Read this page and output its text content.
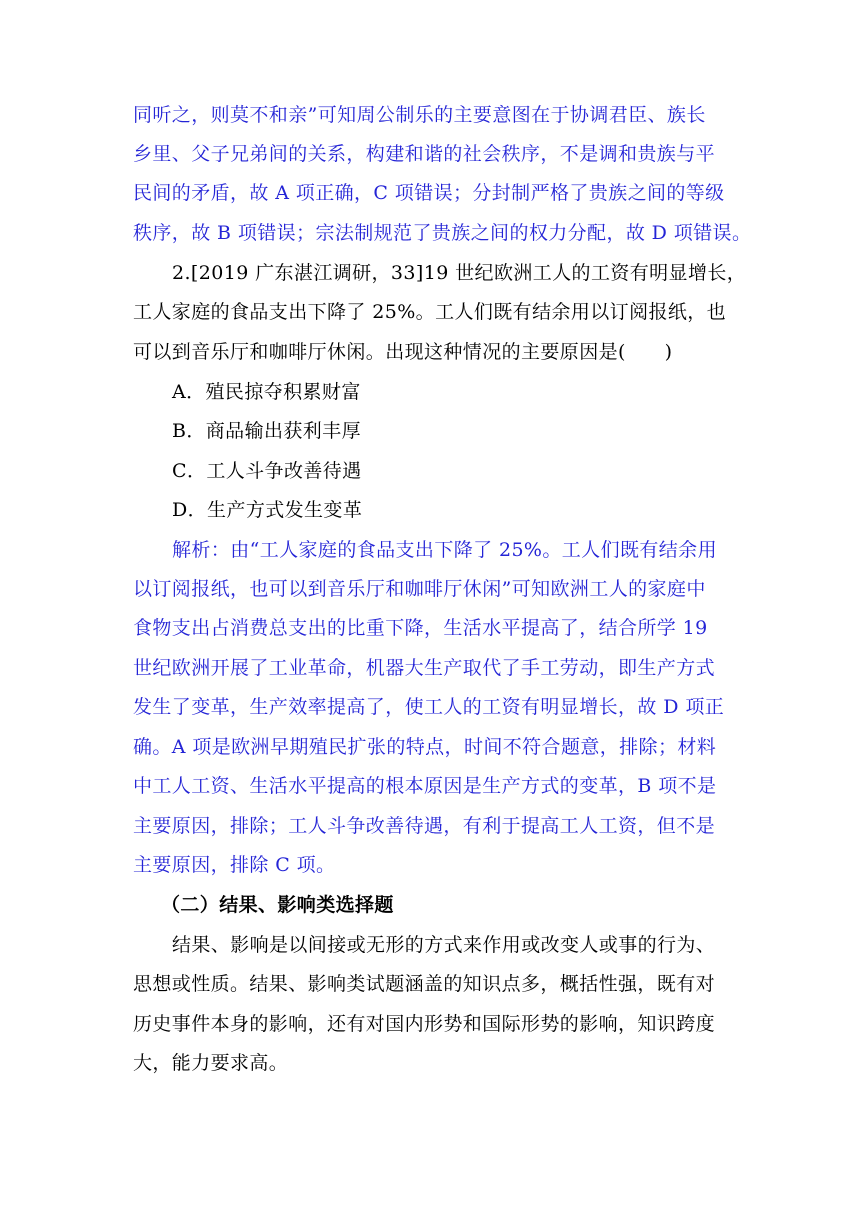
同听之，则莫不和亲”可知周公制乐的主要意图在于协调君臣、族长
乡里、父子兄弟间的关系，构建和谐的社会秩序，不是调和贵族与平
民间的矛盾，故 A 项正确，C 项错误；分封制严格了贵族之间的等级
秩序，故 B 项错误；宗法制规范了贵族之间的权力分配，故 D 项错误。
2.[2019 广东湛江调研，33]19 世纪欧洲工人的工资有明显增长，
工人家庭的食品支出下降了 25%。工人们既有结余用以订阅报纸，也
可以到音乐厅和咖啡厅休闲。出现这种情况的主要原因是(　　)
A．殖民掠夺积累财富
B．商品输出获利丰厚
C．工人斗争改善待遇
D．生产方式发生变革
解析：由“工人家庭的食品支出下降了 25%。工人们既有结余用
以订阅报纸，也可以到音乐厅和咖啡厅休闲”可知欧洲工人的家庭中
食物支出占消费总支出的比重下降，生活水平提高了，结合所学 19
世纪欧洲开展了工业革命，机器大生产取代了手工劳动，即生产方式
发生了变革，生产效率提高了，使工人的工资有明显增长，故 D 项正
确。A 项是欧洲早期殖民扩张的特点，时间不符合题意，排除；材料
中工人工资、生活水平提高的根本原因是生产方式的变革，B 项不是
主要原因，排除；工人斗争改善待遇，有利于提高工人工资，但不是
主要原因，排除 C 项。
（二）结果、影响类选择题
结果、影响是以间接或无形的方式来作用或改变人或事的行为、
思想或性质。结果、影响类试题涵盖的知识点多，概括性强，既有对
历史事件本身的影响，还有对国内形势和国际形势的影响，知识跨度
大，能力要求高。
